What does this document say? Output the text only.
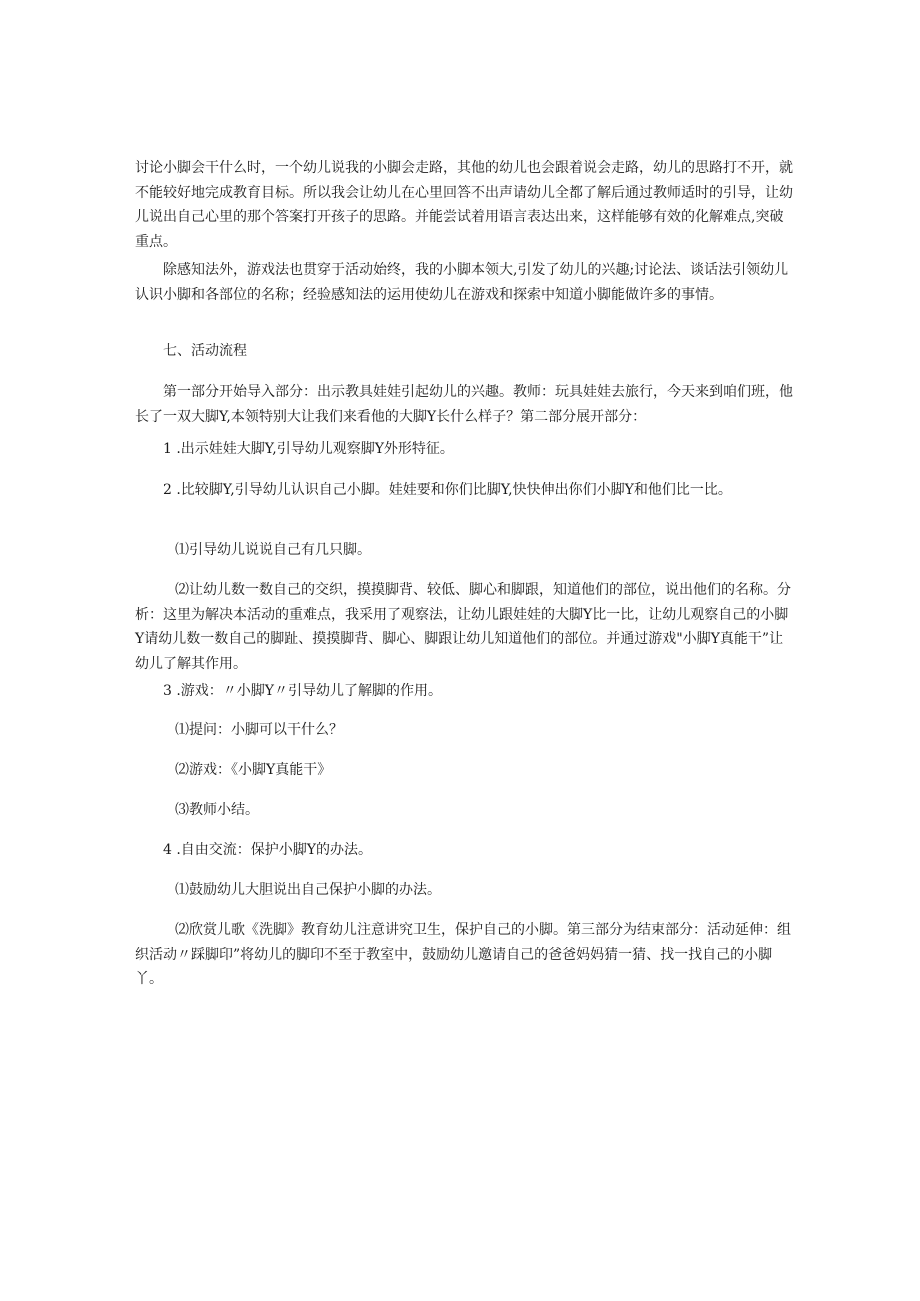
讨论小脚会干什么时，一个幼儿说我的小脚会走路，其他的幼儿也会跟着说会走路，幼儿的思路打不开，就不能较好地完成教育目标。所以我会让幼儿在心里回答不出声请幼儿全都了解后通过教师适时的引导，让幼儿说出自己心里的那个答案打开孩子的思路。并能尝试着用语言表达出来，这样能够有效的化解难点,突破重点。

除感知法外，游戏法也贯穿于活动始终，我的小脚本领大,引发了幼儿的兴趣;讨论法、谈话法引领幼儿认识小脚和各部位的名称；经验感知法的运用使幼儿在游戏和探索中知道小脚能做许多的事情。

七、活动流程

第一部分开始导入部分：出示教具娃娃引起幼儿的兴趣。教师：玩具娃娃去旅行，今天来到咱们班，他长了一双大脚Y,本领特别大让我们来看他的大脚Y长什么样子？第二部分展开部分：

1 .出示娃娃大脚Y,引导幼儿观察脚Y外形特征。

2 .比较脚Y,引导幼儿认识自己小脚。娃娃要和你们比脚Y,快快伸出你们小脚Y和他们比一比。

⑴引导幼儿说说自己有几只脚。

⑵让幼儿数一数自己的交织，摸摸脚背、较低、脚心和脚跟，知道他们的部位，说出他们的名称。分析：这里为解决本活动的重难点，我采用了观察法，让幼儿跟娃娃的大脚Y比一比，让幼儿观察自己的小脚Y请幼儿数一数自己的脚趾、摸摸脚背、脚心、脚跟让幼儿知道他们的部位。并通过游戏"小脚Y真能干”让幼儿了解其作用。

3 .游戏：〃小脚Y〃引导幼儿了解脚的作用。

⑴提问：小脚可以干什么？

⑵游戏：《小脚Y真能干》

⑶教师小结。

4 .自由交流：保护小脚Y的办法。

⑴鼓励幼儿大胆说出自己保护小脚的办法。

⑵欣赏儿歌《洗脚》教育幼儿注意讲究卫生，保护自己的小脚。第三部分为结束部分：活动延伸：组织活动〃踩脚印”将幼儿的脚印不至于教室中，鼓励幼儿邀请自己的爸爸妈妈猜一猜、找一找自己的小脚丫。
